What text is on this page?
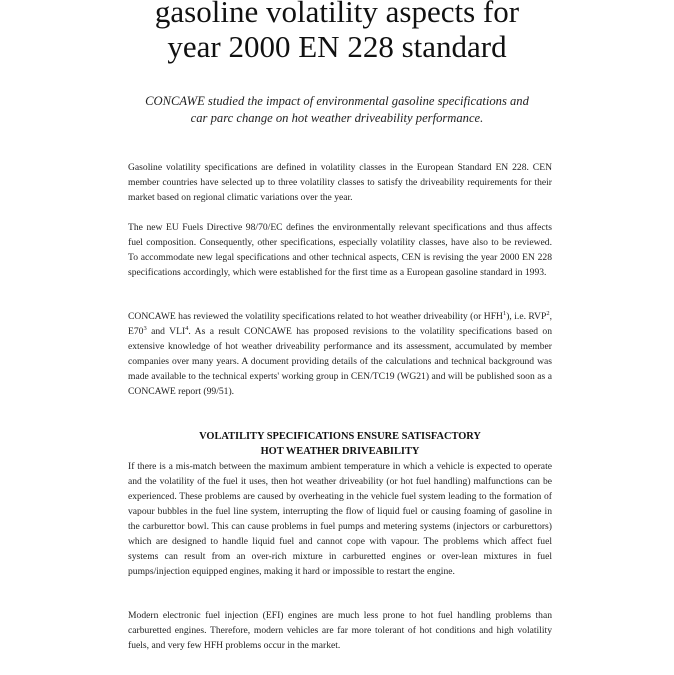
gasoline volatility aspects for
year 2000 EN 228 standard
CONCAWE studied the impact of environmental gasoline specifications and
car parc change on hot weather driveability performance.
Gasoline volatility specifications are defined in volatility classes in the European Standard EN 228. CEN member countries have selected up to three volatility classes to satisfy the driveability requirements for their market based on regional climatic variations over the year.
The new EU Fuels Directive 98/70/EC defines the environmentally relevant specifications and thus affects fuel composition. Consequently, other specifications, especially volatility classes, have also to be reviewed. To accommodate new legal specifications and other technical aspects, CEN is revising the year 2000 EN 228 specifications accordingly, which were established for the first time as a European gasoline standard in 1993.
CONCAWE has reviewed the volatility specifications related to hot weather driveability (or HFH$^1$), i.e. RVP$^2$, $E70^3$ and VLI$^4$. As a result CONCAWE has proposed revisions to the volatility specifications based on extensive knowledge of hot weather driveability performance and its assessment, accumulated by member companies over many years. A document providing details of the calculations and technical background was made available to the technical experts' working group in CEN/TC19 (WG21) and will be published soon as a CONCAWE report (99/51).
VOLATILITY SPECIFICATIONS ENSURE SATISFACTORY
HOT WEATHER DRIVEABILITY
If there is a mis-match between the maximum ambient temperature in which a vehicle is expected to operate and the volatility of the fuel it uses, then hot weather driveability (or hot fuel handling) malfunctions can be experienced. These problems are caused by overheating in the vehicle fuel system leading to the formation of vapour bubbles in the fuel line system, interrupting the flow of liquid fuel or causing foaming of gasoline in the carburettor bowl. This can cause problems in fuel pumps and metering systems (injectors or carburettors) which are designed to handle liquid fuel and cannot cope with vapour. The problems which affect fuel systems can result from an over-rich mixture in carburetted engines or over-lean mixtures in fuel pumps/injection equipped engines, making it hard or impossible to restart the engine.
Modern electronic fuel injection (EFI) engines are much less prone to hot fuel handling problems than carburetted engines. Therefore, modern vehicles are far more tolerant of hot conditions and high volatility fuels, and very few HFH problems occur in the market.
